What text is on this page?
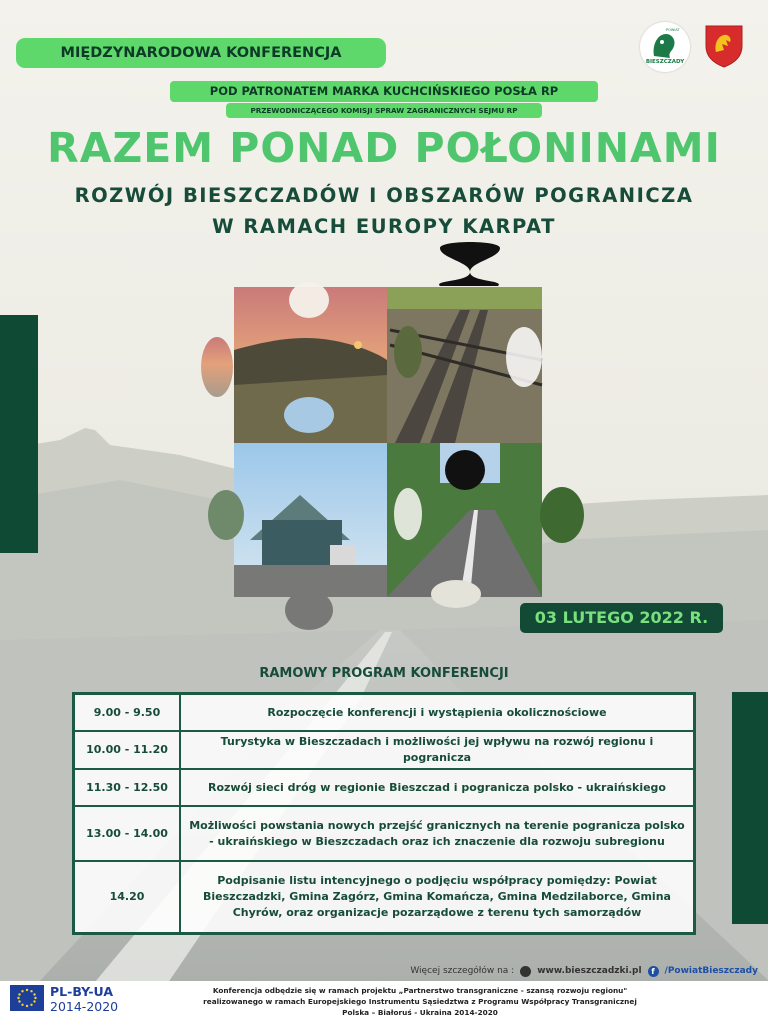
BIESZCZADY
POWIAT
MIĘDZYNARODOWA KONFERENCJA
POD PATRONATEM MARKA KUCHCIŃSKIEGO POSŁA RP
PRZEWODNICZĄCEGO KOMISJI SPRAW ZAGRANICZNYCH SEJMU RP
RAZEM PONAD POŁONINAMI
ROZWÓJ BIESZCZADÓW I OBSZARÓW POGRANICZA
W RAMACH EUROPY KARPAT
03 LUTEGO 2022 R.
RAMOWY PROGRAM KONFERENCJI
9.00 - 9.50	Rozpoczęcie konferencji i wystąpienia okolicznościowe
10.00 - 11.20	Turystyka w Bieszczadach i możliwości jej wpływu na rozwój regionu i pogranicza
11.30 - 12.50	Rozwój sieci dróg w regionie Bieszczad i pogranicza polsko - ukraińskiego
13.00 - 14.00	Możliwości powstania nowych przejść granicznych na terenie pogranicza polsko - ukraińskiego w Bieszczadach oraz ich znaczenie dla rozwoju subregionu
14.20	Podpisanie listu intencyjnego o podjęciu współpracy pomiędzy: Powiat Bieszczadzki, Gmina Zagórz, Gmina Komańcza, Gmina Medzilaborce, Gmina Chyrów, oraz organizacje pozarządowe z terenu tych samorządów
Więcej szczegółów na :	www.bieszczadzki.pl	f	/PowiatBieszczady
PL-BY-UA
2014-2020
Konferencja odbędzie się w ramach projektu „Partnerstwo transgraniczne - szansą rozwoju regionu"
realizowanego w ramach Europejskiego Instrumentu Sąsiedztwa z Programu Współpracy Transgranicznej
Polska – Białoruś - Ukraina 2014-2020
